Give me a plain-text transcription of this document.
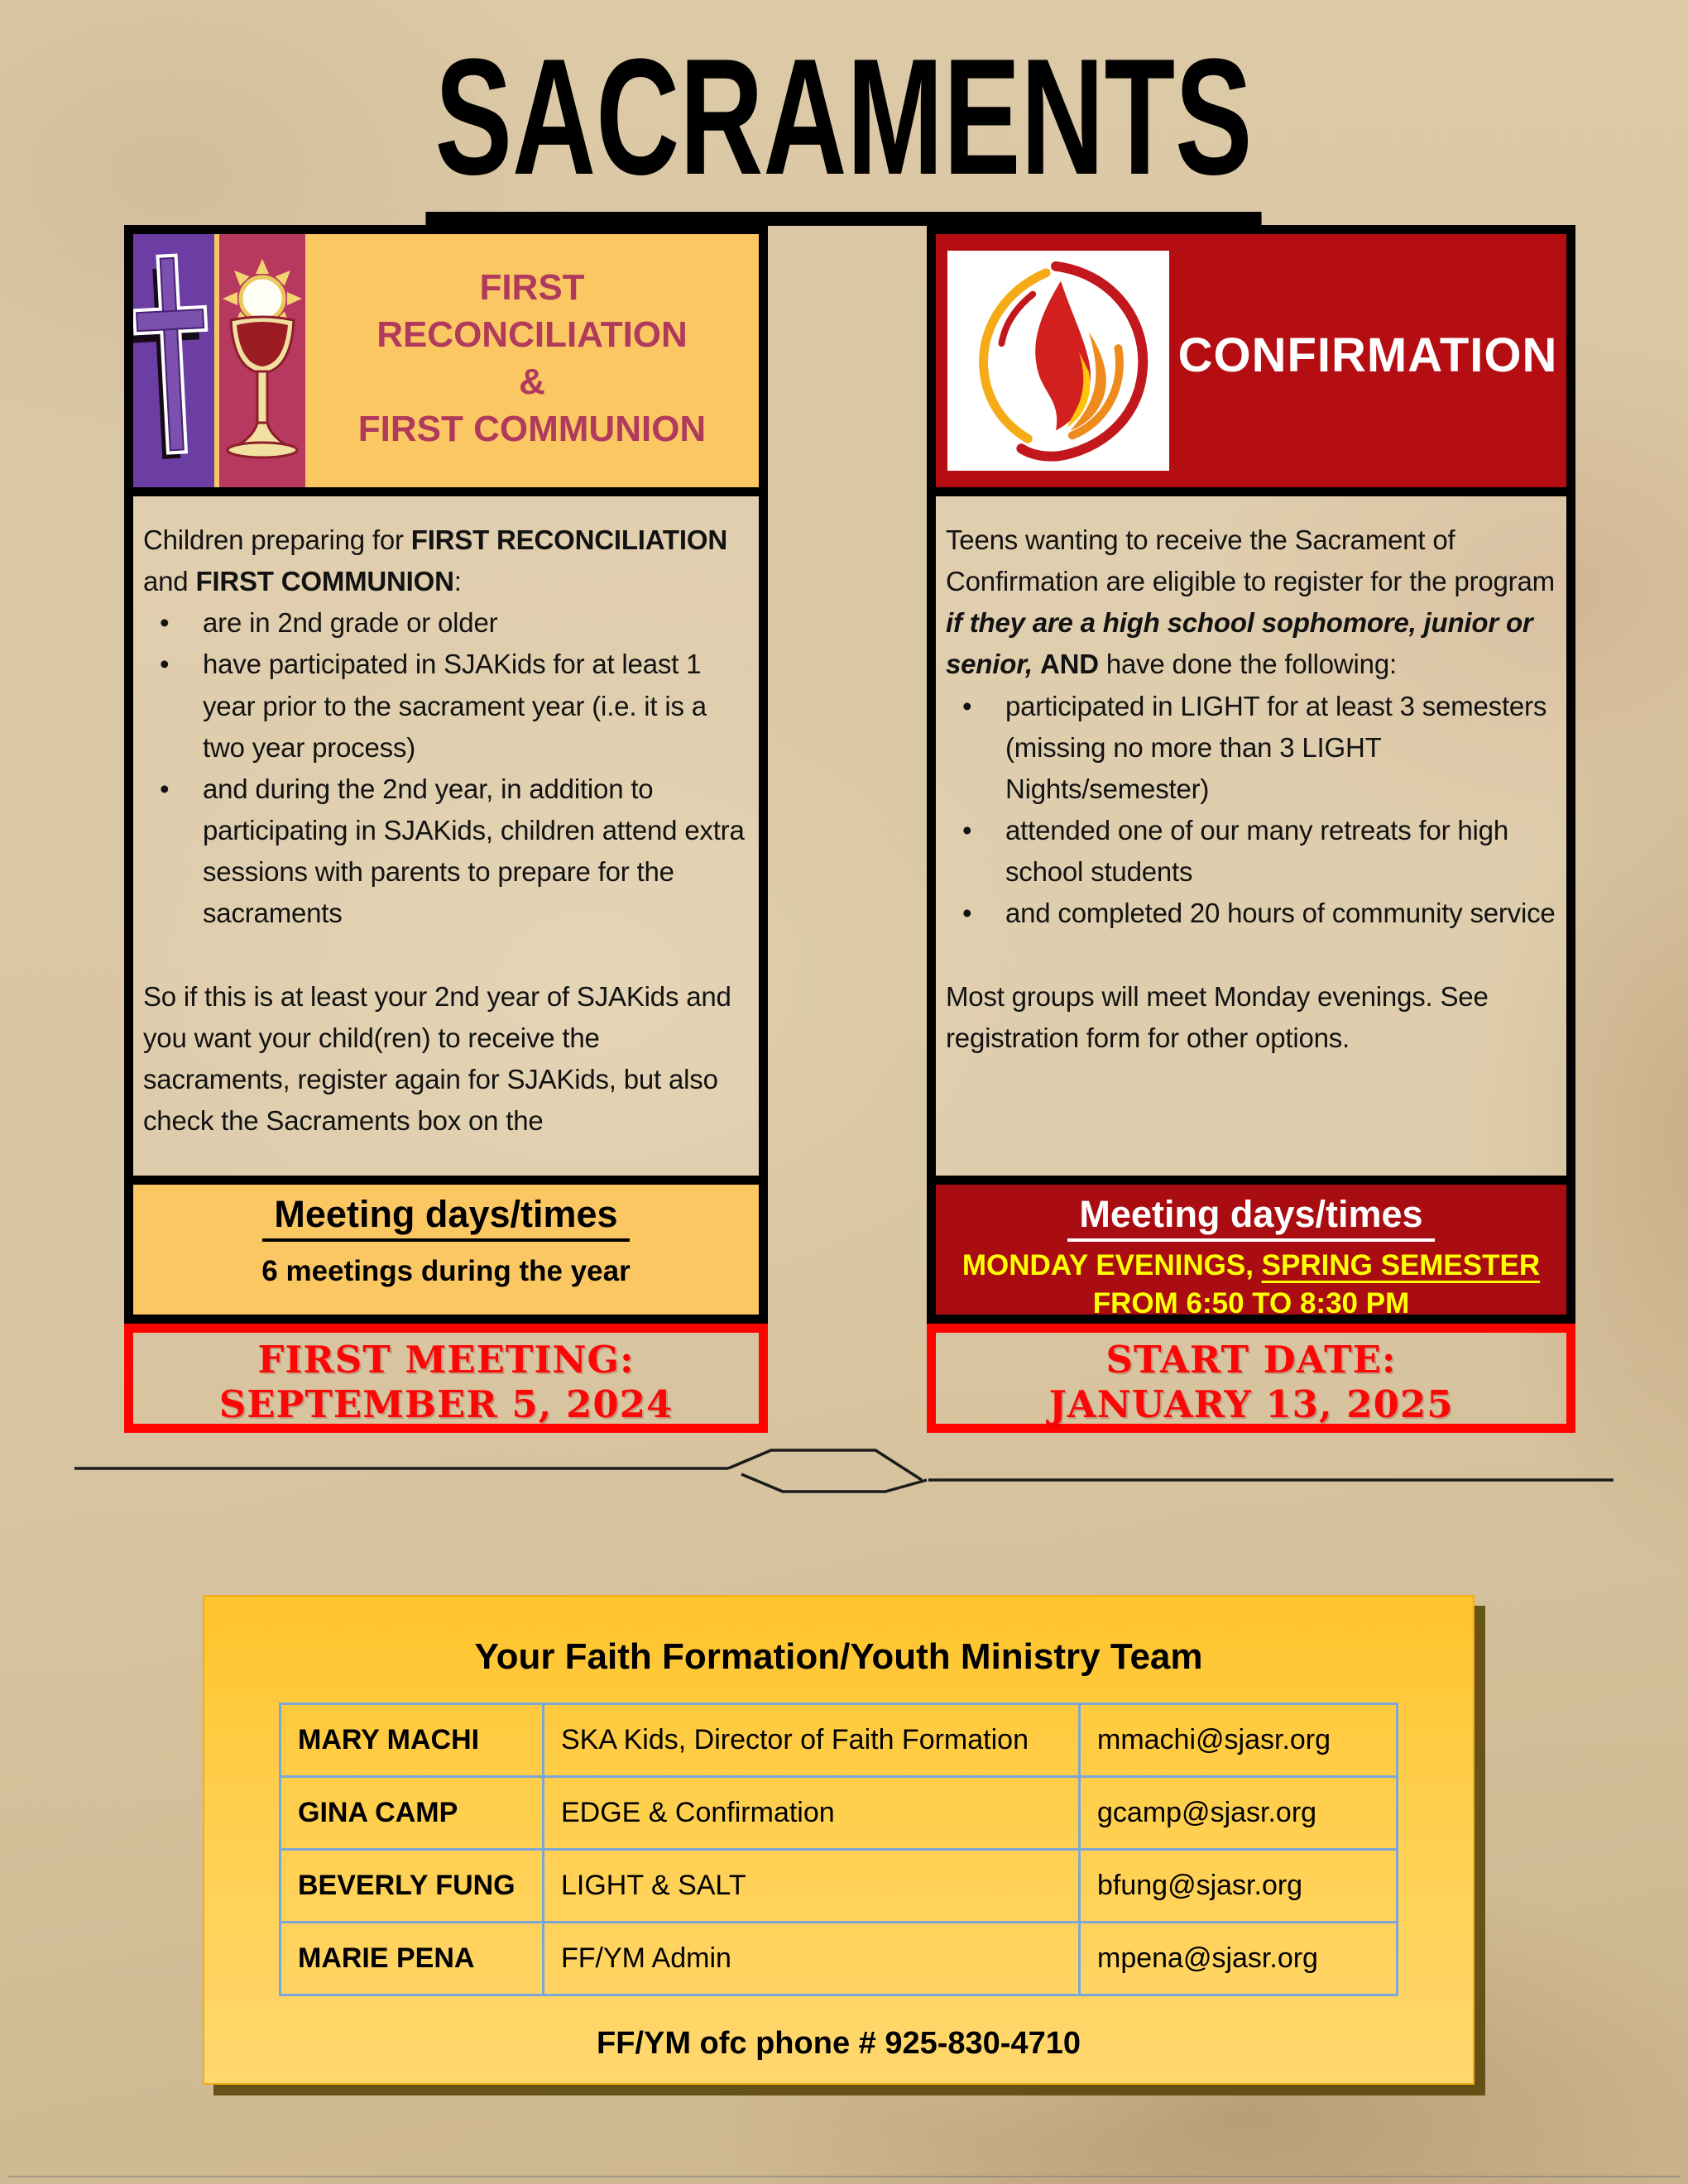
SACRAMENTS
FIRST
RECONCILIATION
&
FIRST COMMUNION

Children preparing for FIRST RECONCILIATION and FIRST COMMUNION:

• are in 2nd grade or older
• have participated in SJAKids for at least 1 year prior to the sacrament year (i.e. it is a two year process)
• and during the 2nd year, in addition to participating in SJAKids, children attend extra sessions with parents to prepare for the sacraments

So if this is at least your 2nd year of SJAKids and you want your child(ren) to receive the sacraments, register again for SJAKids, but also check the Sacraments box on the

Meeting days/times
6 meetings during the year
FIRST MEETING:
SEPTEMBER 5, 2024
CONFIRMATION

Teens wanting to receive the Sacrament of Confirmation are eligible to register for the program if they are a high school sophomore, junior or senior, AND have done the following:

• participated in LIGHT for at least 3 semesters (missing no more than 3 LIGHT Nights/semester)
• attended one of our many retreats for high school students
• and completed 20 hours of community service

Most groups will meet Monday evenings. See registration form for other options.

Meeting days/times
MONDAY EVENINGS, SPRING SEMESTER
FROM 6:50 TO 8:30 PM
START DATE:
JANUARY 13, 2025
Your Faith Formation/Youth Ministry Team
MARY MACHI	SKA Kids, Director of Faith Formation	mmachi@sjasr.org
GINA CAMP	EDGE & Confirmation	gcamp@sjasr.org
BEVERLY FUNG	LIGHT & SALT	bfung@sjasr.org
MARIE PENA	FF/YM Admin	mpena@sjasr.org
FF/YM ofc phone # 925-830-4710
